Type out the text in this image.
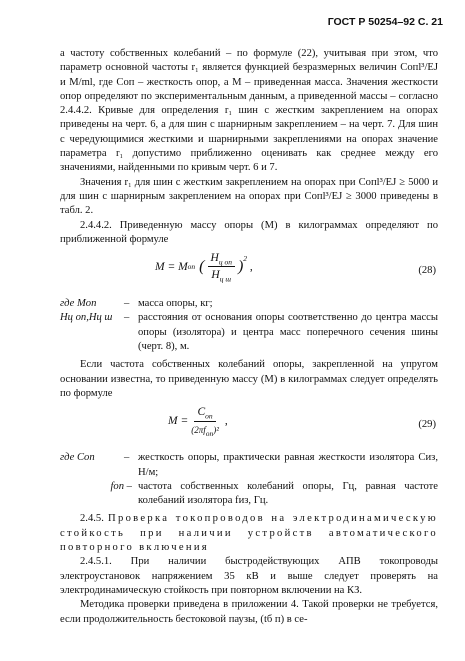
ГОСТ Р 50254–92 С. 21

а частоту собственных колебаний – по формуле (22), учитывая при этом, что параметр основной частоты r₁ является функцией безразмерных величин Cопl³/EJ и M/ml, где Cоп – жесткость опор, а M – приведенная масса. Значения жесткости опор определяют по экспериментальным данным, а приведенной массы – согласно 2.4.4.2. Кривые для определения r₁ шин с жестким закреплением на опорах приведены на черт. 6, а для шин с шарнирным закреплением – на черт. 7. Для шин с чередующимися жесткими и шарнирными закреплениями на опорах значение параметра r₁ допустимо приближенно оценивать как среднее между его значениями, найденными по кривым черт. 6 и 7.

Значения r₁ для шин с жестким закреплением на опорах при Cопl³/EJ ≥ 5000 и для шин с шарнирным закреплением на опорах при Cопl³/EJ ≥ 3000 приведены в табл. 2.

2.4.4.2. Приведенную массу опоры (M) в килограммах определяют по приближенной формуле

M = M оп ( $\frac{H_{ц оп}}{H_{ц ш}} )^2$
,	(28)
где Mоп	– масса опоры, кг;
Hц оп,Hц ш	– расстояния от основания опоры соответственно до центра массы опоры (изолятора) и центра масс поперечного сечения шины (черт. 8), м.

Если частота собственных колебаний опоры, закрепленной на упругом основании известна, то приведенную массу (M) в килограммах следует определять по формуле

$M = \frac{C_{оп}}{(2\pi f_{оп})^2}$ ,	(29)
где Cоп	– жесткость опоры, практически равная жесткости изолятора Cиз, Н/м;
fоп – частота собственных колебаний опоры, Гц, равная частоте колебаний изолятора fиз, Гц.

2.4.5. Проверка токопроводов на электродинамическую стойкость при наличии устройств автоматического повторного включения

2.4.5.1. При наличии быстродействующих АПВ токопроводы электроустановок напряжением 35 кВ и выше следует проверять на электродинамическую стойкость при повторном включении на КЗ.

Методика проверки приведена в приложении 4. Такой проверки не требуется, если продолжительность бестоковой паузы, (tб п) в се-
